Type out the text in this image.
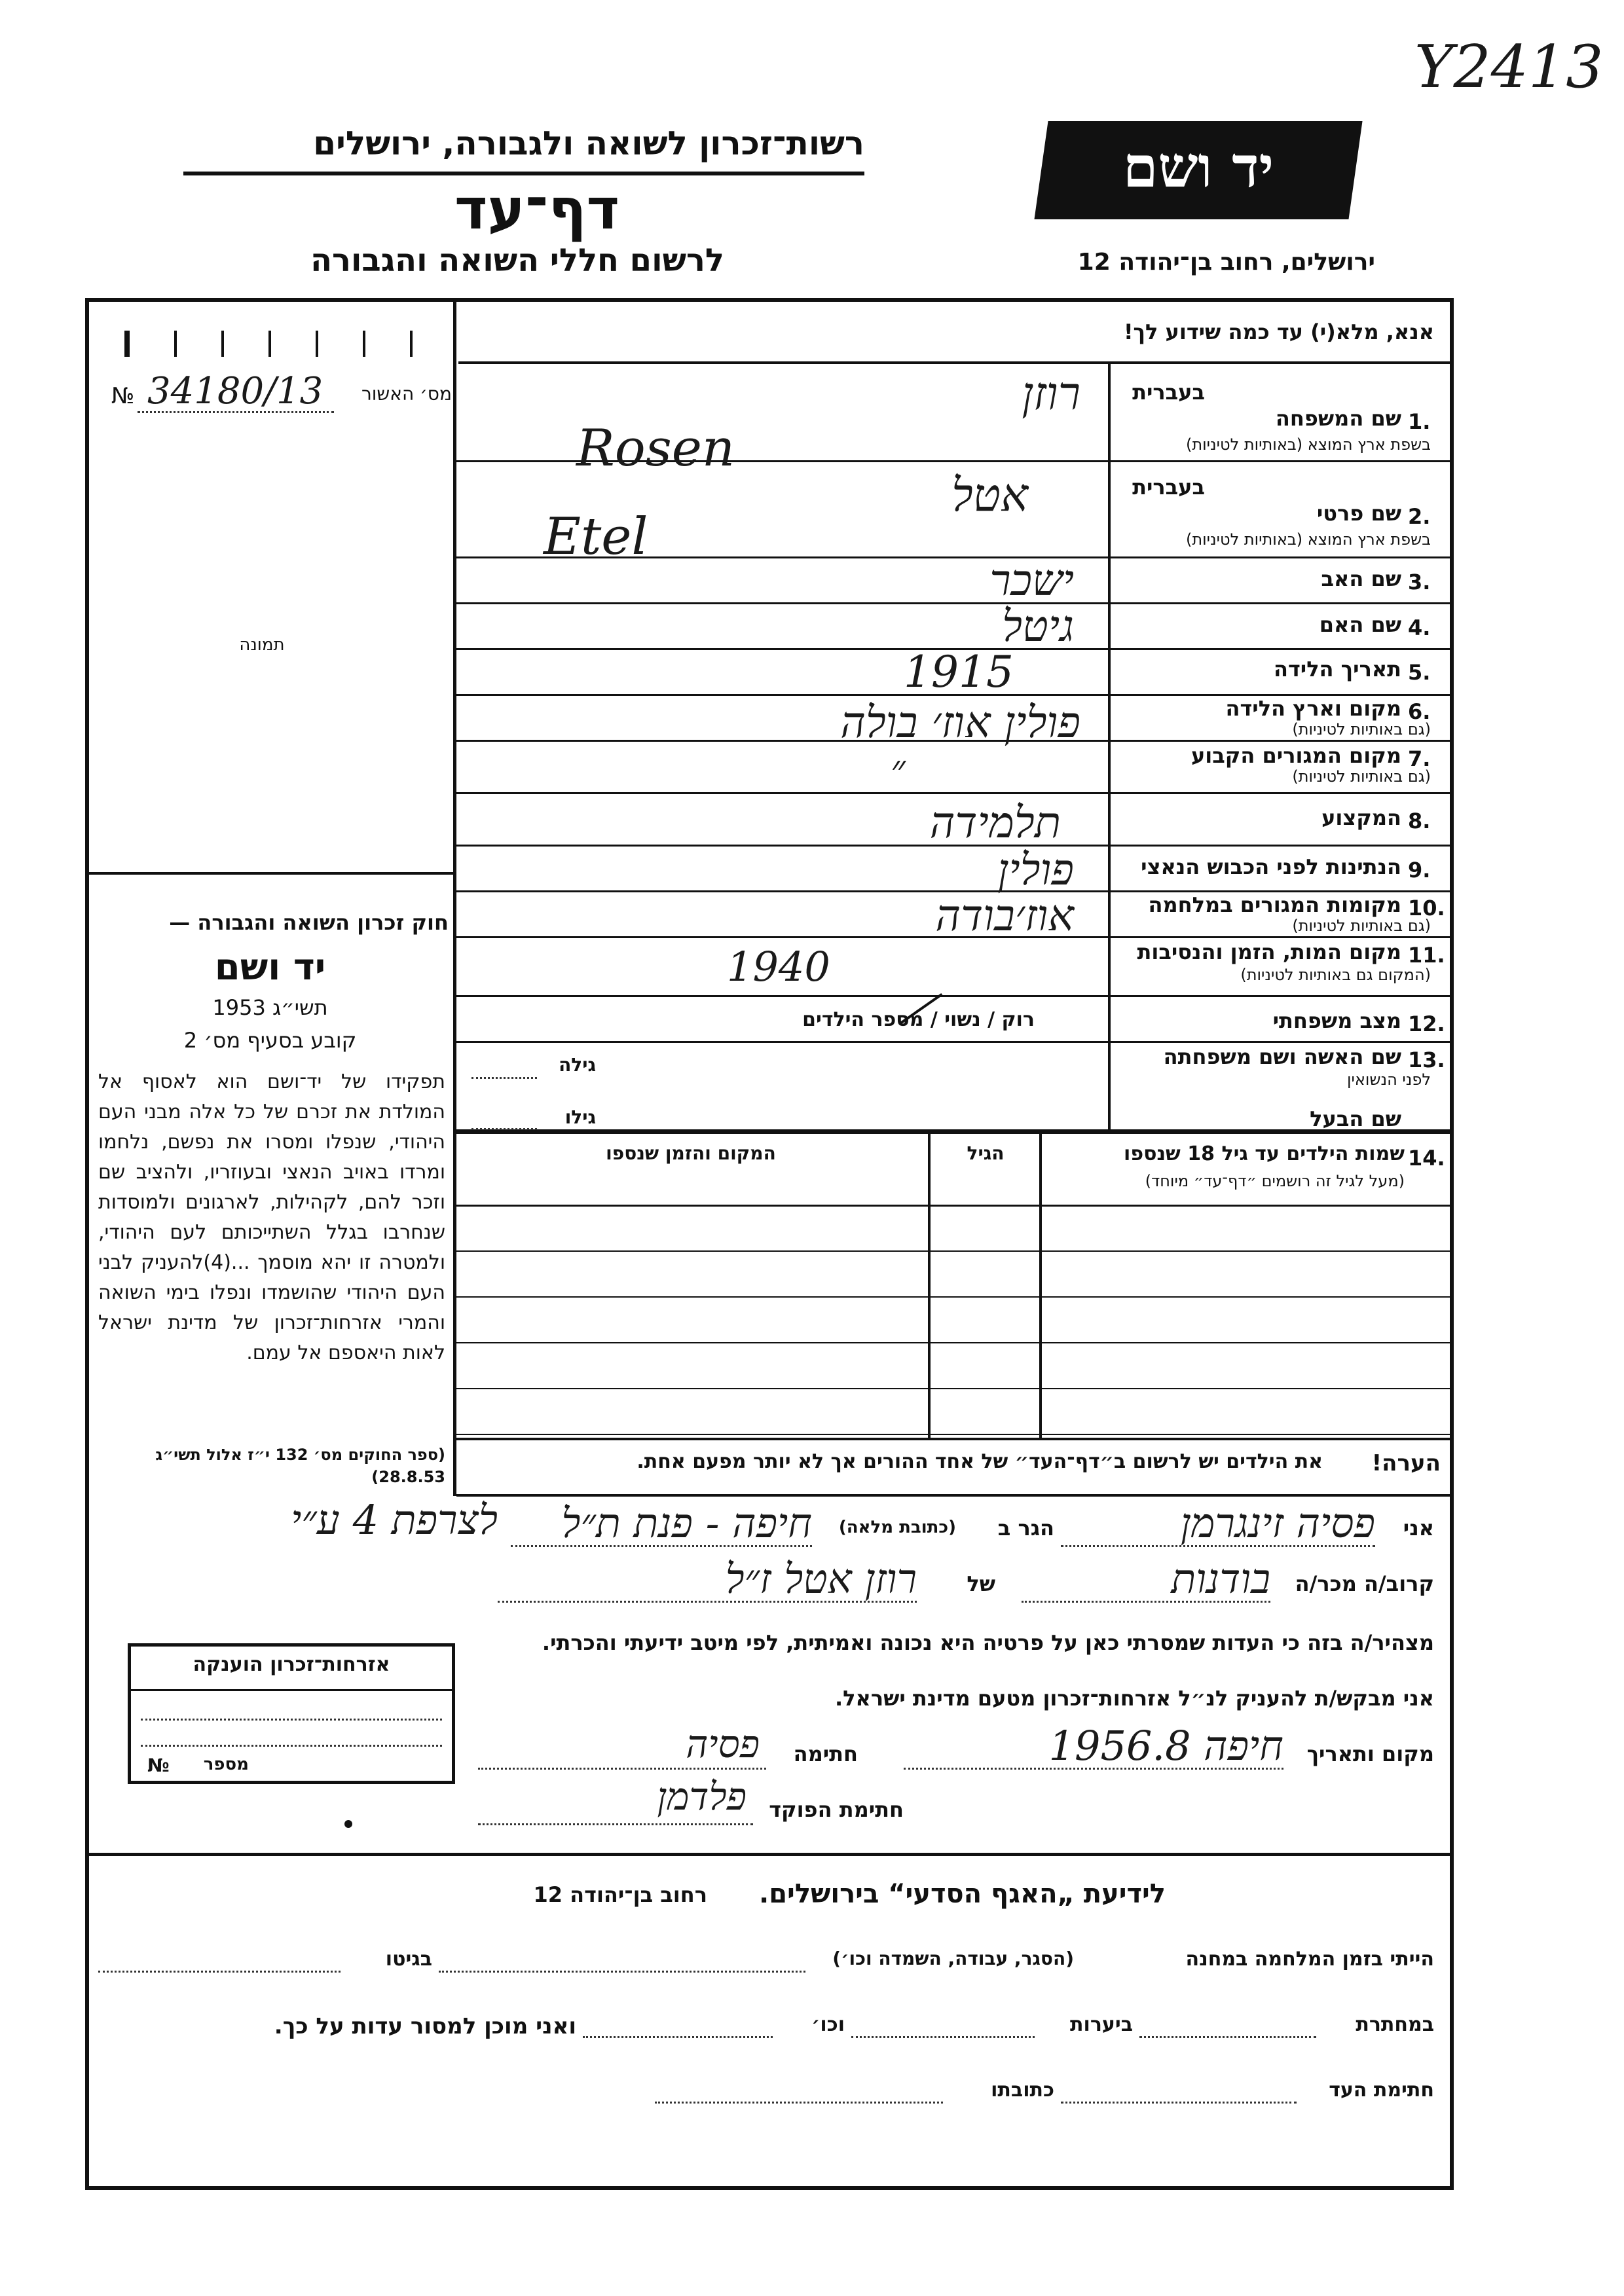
Y2413
רשות־זכרון לשואה ולגבורה, ירושלים
דף־עד
לרשום חללי השואה והגבורה
יד ושם
ירושלים, רחוב בן־יהודה 12
אנא, מלא(י) עד כמה שידוע לך!
№ 34180/13	מס׳ האשור
תמונה
חוק זכרון השואה והגבורה —
יד ושם
תשי״ג 1953
קובע בסעיף מס׳ 2
תפקידו של יד־ושם הוא לאסוף אל המולדת את זכרם של כל אלה מבני העם היהודי, שנפלו ומסרו את נפשם, נלחמו ומרדו באויב הנאצי ובעוזריו, ולהציב שם וזכר להם, לקהילות, לארגונים ולמוסדות שנחרבו בגלל השתייכותם לעם היהודי, ולמטרה זו יהא מוסמך ...(4)להעניק לבני העם היהודי שהושמדו ונפלו בימי השואה והמרי אזרחות־זכרון של מדינת ישראל לאות היאספם אל עמם.
(ספר החוקים מס׳ 132 י״ז אלול תשי״ג 28.8.53)
1.
שם המשפחה
בשפת ארץ המוצא (באותיות לטיניות)
בעברית
רוזן
Rosen
2.
שם פרטי
בשפת ארץ המוצא (באותיות לטיניות)
בעברית
אטל
Etel
3.
שם האב
ישכר
4.
שם האם
גיטל
5.
תאריך הלידה
1915
6.
מקום וארץ הלידה
(גם באותיות לטיניות)
פולין אוז׳ בולה
7.
מקום המגורים הקבוע
(גם באותיות לטיניות)
״
8.
המקצוע
תלמידה
9.
הנתינות לפני הכבוש הנאצי
פולין
10.
מקומות המגורים במלחמה
(גם באותיות לטיניות)
אוז׳בודה
11.
מקום המות, הזמן והנסיבות
(המקום גם באותיות לטיניות)
1940
12.
מצב משפחתי
רוק / נשוי / מספר הילדים
13.
שם האשה ושם משפחתה
לפני הנשואין
גילה
שם הבעל
גילו
14.
שמות הילדים עד גיל 18 שנספו
(מעל לגיל זה רושמים ״דף־עד״ מיוחד)
הגיל
המקום והזמן שנספו
הערה!
את הילדים יש לרשום ב״דף־העד״ של אחד ההורים אך לא יותר מפעם אחת.
אני
פסיה זינגרמן
הגר ב
(כתובת מלאה)
חיפה - פנת ת״ל
לצרפת 4 ע״י
קרוב/ה מכר/ה
בודנות
של
רוזן אטל ז״ל
מצהיר/ה בזה כי העדות שמסרתי כאן על פרטיה היא נכונה ואמיתית, לפי מיטב ידיעתי והכרתי.
אני מבקש/ת להעניק לנ״ל אזרחות־זכרון מטעם מדינת ישראל.
מקום ותאריך
חיפה 1956.8
חתימה
פסיה
חתימת הפוקד
פלדמן
אזרחות־זכרון הוענקה
מספר
№
לידיעת „האגף הסדעי“ בירושלים.
רחוב בן־יהודה 12
הייתי בזמן המלחמה במחנה
(הסגר, עבודה, השמדה וכו׳)
בגיטו
במחתרת
ביערות
וכו׳
ואני מוכן למסור עדות על כך.
חתימת העד
כתובתו
